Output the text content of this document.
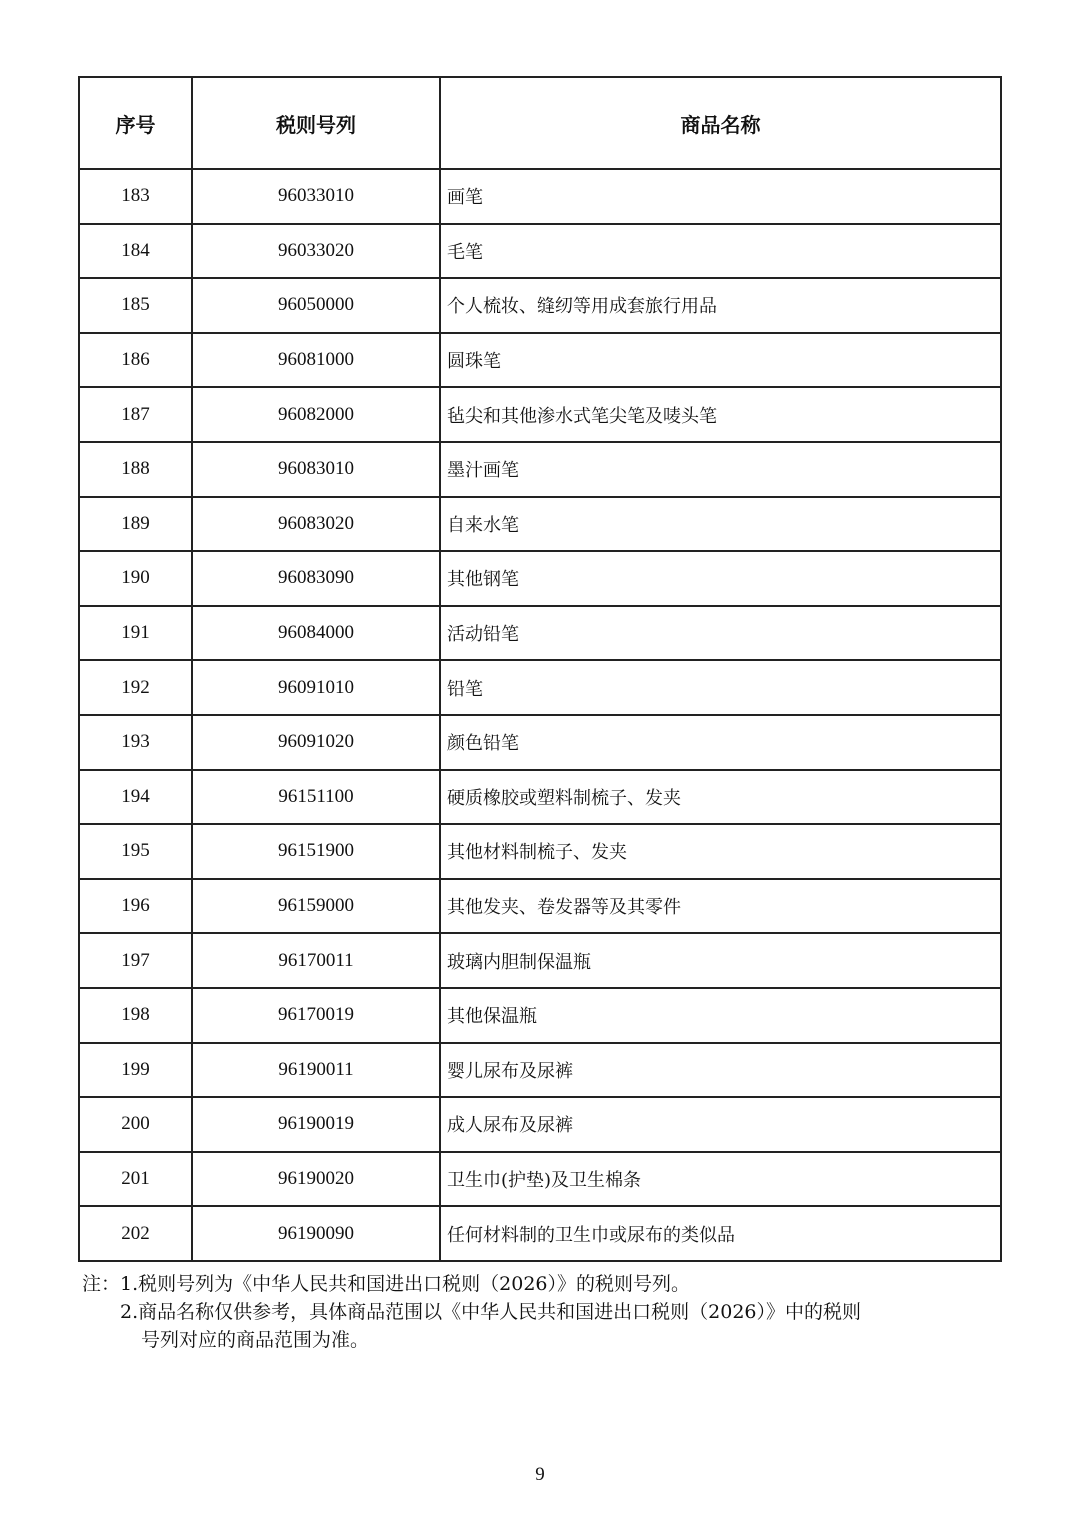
序号	税则号列	商品名称
183	96033010	画笔
184	96033020	毛笔
185	96050000	个人梳妆、缝纫等用成套旅行用品
186	96081000	圆珠笔
187	96082000	毡尖和其他渗水式笔尖笔及唛头笔
188	96083010	墨汁画笔
189	96083020	自来水笔
190	96083090	其他钢笔
191	96084000	活动铅笔
192	96091010	铅笔
193	96091020	颜色铅笔
194	96151100	硬质橡胶或塑料制梳子、发夹
195	96151900	其他材料制梳子、发夹
196	96159000	其他发夹、卷发器等及其零件
197	96170011	玻璃内胆制保温瓶
198	96170019	其他保温瓶
199	96190011	婴儿尿布及尿裤
200	96190019	成人尿布及尿裤
201	96190020	卫生巾(护垫)及卫生棉条
202	96190090	任何材料制的卫生巾或尿布的类似品
注： 1. 税则号列为《中华人民共和国进出口税则（2026）》的税则号列。
2. 商品名称仅供参考，具体商品范围以《中华人民共和国进出口税则（2026）》中的税则
号列对应的商品范围为准。
9
